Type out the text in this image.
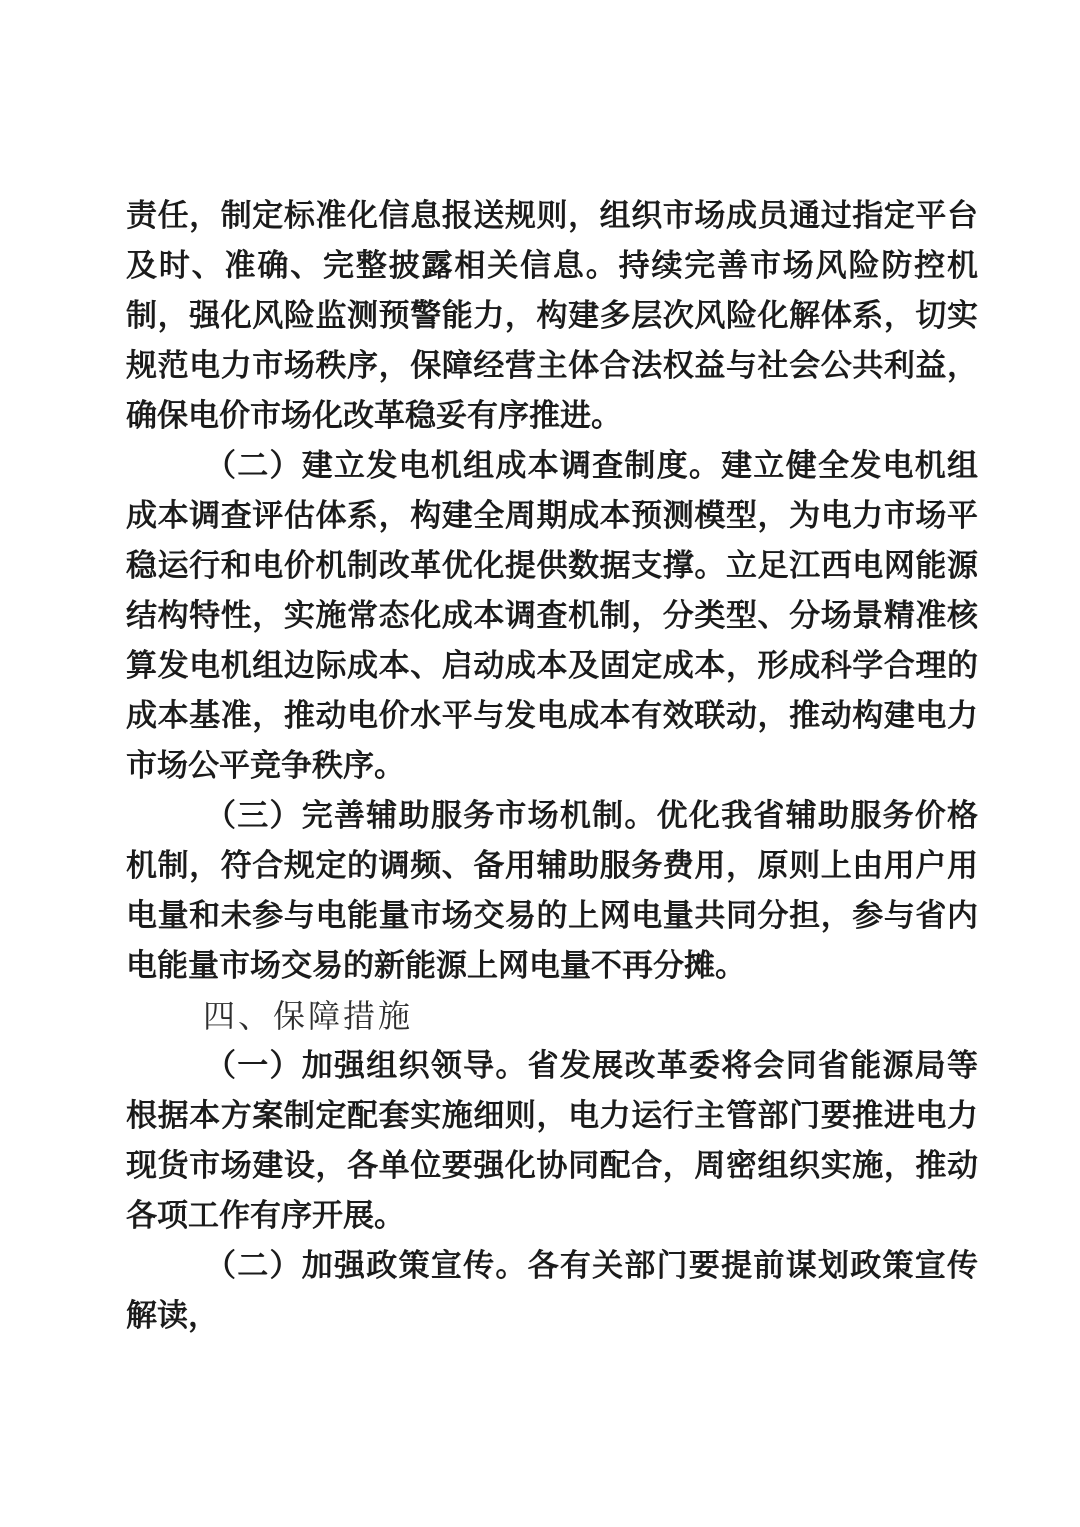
责任，制定标准化信息报送规则，组织市场成员通过指定平台及时、准确、完整披露相关信息。持续完善市场风险防控机制，强化风险监测预警能力，构建多层次风险化解体系，切实规范电力市场秩序，保障经营主体合法权益与社会公共利益，确保电价市场化改革稳妥有序推进。

（二）建立发电机组成本调查制度。建立健全发电机组成本调查评估体系，构建全周期成本预测模型，为电力市场平稳运行和电价机制改革优化提供数据支撑。立足江西电网能源结构特性，实施常态化成本调查机制，分类型、分场景精准核算发电机组边际成本、启动成本及固定成本，形成科学合理的成本基准，推动电价水平与发电成本有效联动，推动构建电力市场公平竞争秩序。

（三）完善辅助服务市场机制。优化我省辅助服务价格机制，符合规定的调频、备用辅助服务费用，原则上由用户用电量和未参与电能量市场交易的上网电量共同分担，参与省内电能量市场交易的新能源上网电量不再分摊。

四、保障措施

（一）加强组织领导。省发展改革委将会同省能源局等根据本方案制定配套实施细则，电力运行主管部门要推进电力现货市场建设，各单位要强化协同配合，周密组织实施，推动各项工作有序开展。

（二）加强政策宣传。各有关部门要提前谋划政策宣传解读，
